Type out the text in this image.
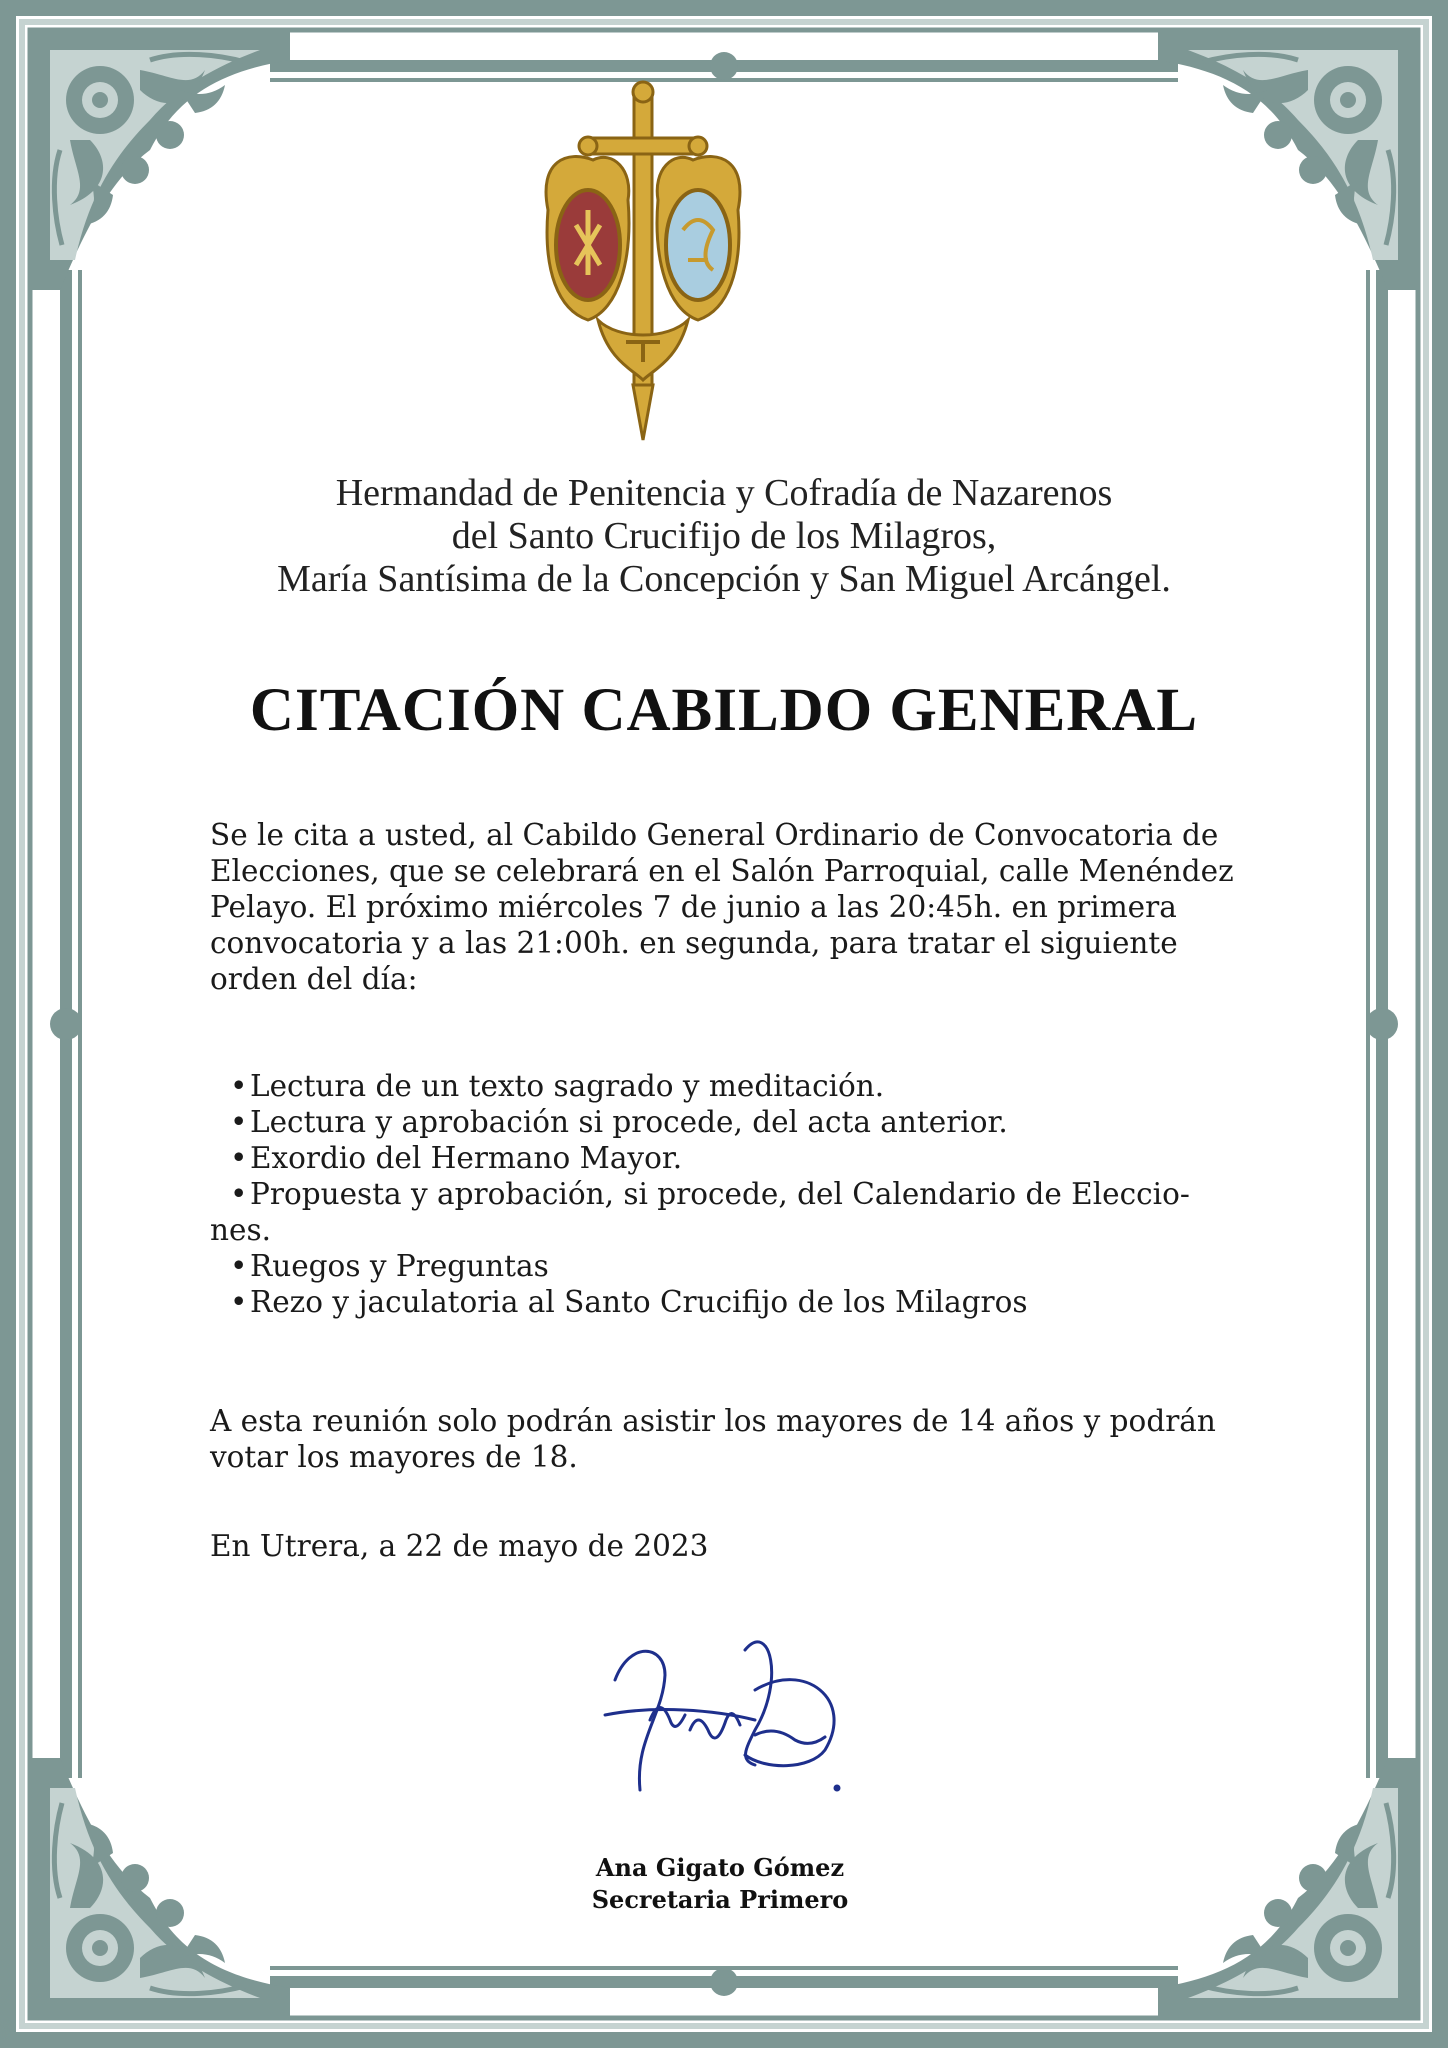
Hermandad de Penitencia y Cofradía de Nazarenos
del Santo Crucifijo de los Milagros,
María Santísima de la Concepción y San Miguel Arcángel.
CITACIÓN CABILDO GENERAL
Se le cita a usted, al Cabildo General Ordinario de Convocatoria de
Elecciones, que se celebrará en el Salón Parroquial, calle Menéndez
Pelayo. El próximo miércoles 7 de junio a las 20:45h. en primera
convocatoria y a las 21:00h. en segunda, para tratar el siguiente
orden del día:
• Lectura de un texto sagrado y meditación.
• Lectura y aprobación si procede, del acta anterior.
• Exordio del Hermano Mayor.
• Propuesta y aprobación, si procede, del Calendario de Eleccio-
nes.
• Ruegos y Preguntas
• Rezo y jaculatoria al Santo Crucifijo de los Milagros
A esta reunión solo podrán asistir los mayores de 14 años y podrán
votar los mayores de 18.
En Utrera, a 22 de mayo de 2023
Ana Gigato Gómez
Secretaria Primero
